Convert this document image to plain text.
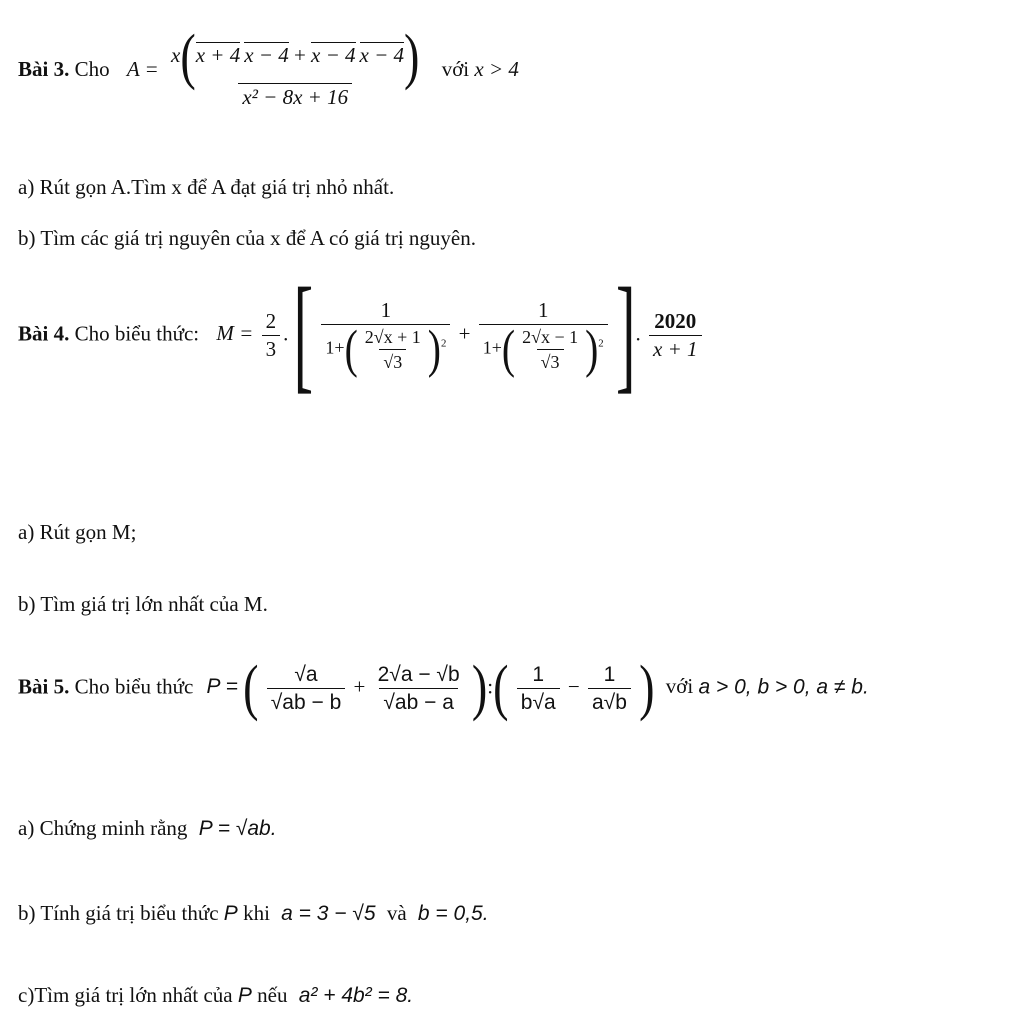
Bài 3. Cho $A = \frac{x(x + 4 x - 4 + x - 4 x - 4)}{\text{x² − 8x + 16}}$ với x > 4
a) Rút gọn A.Tìm x để A đạt giá trị nhỏ nhất.
b) Tìm các giá trị nguyên của x để A có giá trị nguyên.
Bài 4. Cho biểu thức: $M = \frac{2}{3}$ . [ $\frac{1}{1+( \frac{2√x + 1}{√3} )^2} + \frac{1}{1+( \frac{2√x - 1}{√3} )^2}$ ]. $\frac{2020}{x + 1}$
a) Rút gọn M;
b) Tìm giá trị lớn nhất của M.
Bài 5. Cho biểu thức P = ( $\frac{√a}{√ab - b} + \frac{2√a - √b}{√ab - a}$ ):( $\frac{1}{b√a} - \frac{1}{a√b}$ ) với a > 0, b > 0, a ≠ b.
a) Chứng minh rằng P = √ab.
b) Tính giá trị biểu thức P khi a = 3 − √5 và b = 0,5.
c)Tìm giá trị lớn nhất của P nếu a² + 4b² = 8.
